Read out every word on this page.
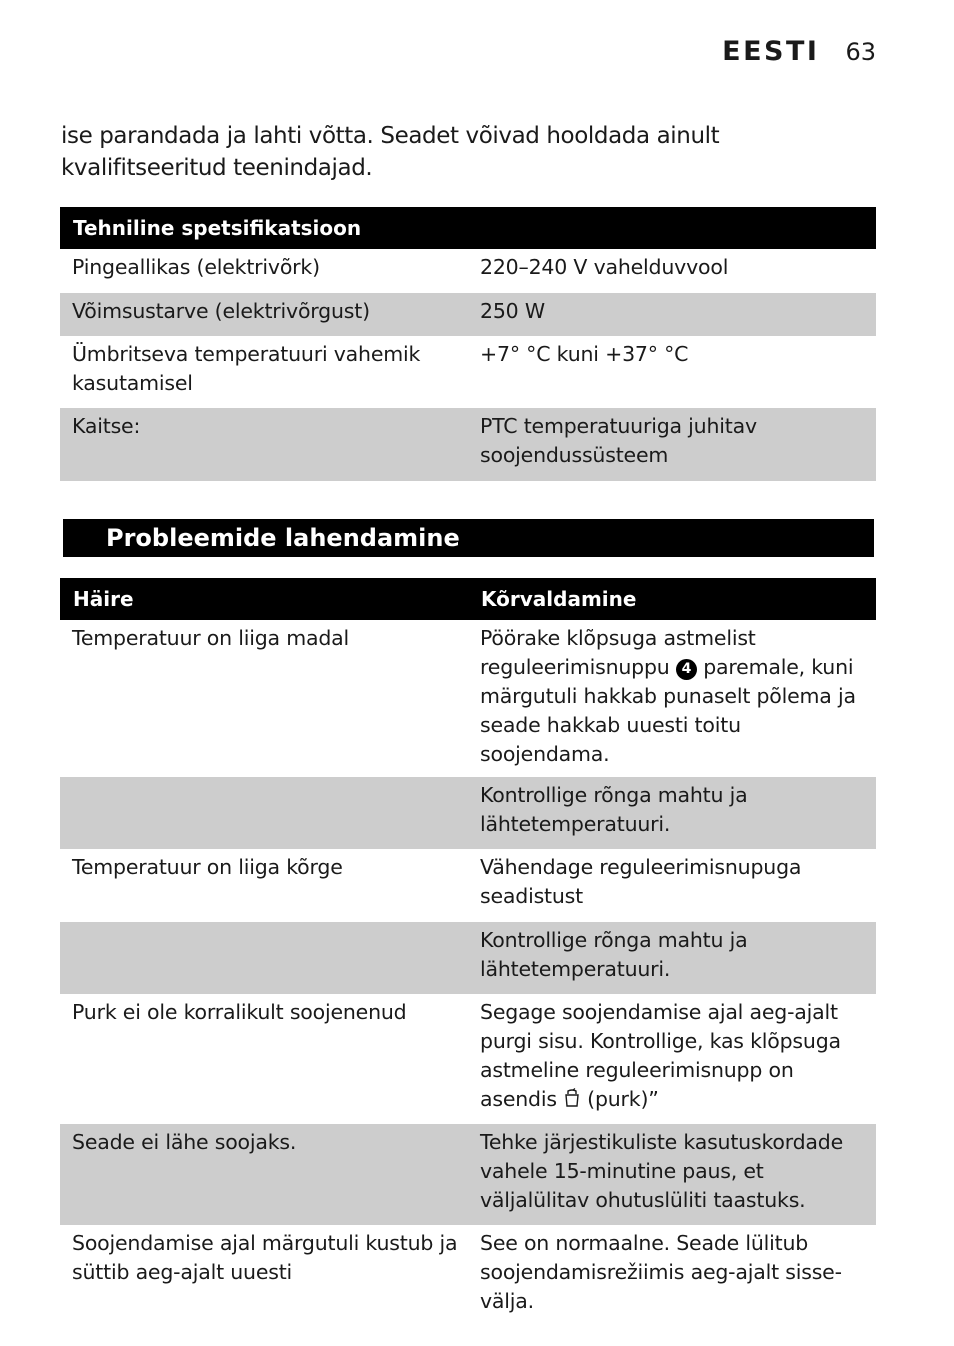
EESTI 63
ise parandada ja lahti võtta. Seadet võivad hooldada ainult kvalifitseeritud teenindajad.
Tehniline spetsifikatsioon	
Pingeallikas (elektrivõrk)	220–240 V vahelduvvool
Võimsustarve (elektrivõrgust)	250 W
Ümbritseva temperatuuri vahemik kasutamisel	+7° °C kuni +37° °C
Kaitse:	PTC temperatuuriga juhitav soojendussüsteem
Probleemide lahendamine
Häire	Kõrvaldamine
Temperatuur on liiga madal	Pöörake klõpsuga astmelist reguleerimisnuppu 4 paremale, kuni märgutuli hakkab punaselt põlema ja seade hakkab uuesti toitu soojendama.
	Kontrollige rõnga mahtu ja lähtetemperatuuri.
Temperatuur on liiga kõrge	Vähendage reguleerimisnupuga seadistust
	Kontrollige rõnga mahtu ja lähtetemperatuuri.
Purk ei ole korralikult soojenenud	Segage soojendamise ajal aeg-ajalt purgi sisu. Kontrollige, kas klõpsuga astmeline reguleerimisnupp on asendis (purk)”
Seade ei lähe soojaks.	Tehke järjestikuliste kasutuskordade vahele 15-minutine paus, et väljalülitav ohutuslüliti taastuks.
Soojendamise ajal märgutuli kustub ja süttib aeg-ajalt uuesti	See on normaalne. Seade lülitub soojendamisrežiimis aeg-ajalt sisse-välja.
